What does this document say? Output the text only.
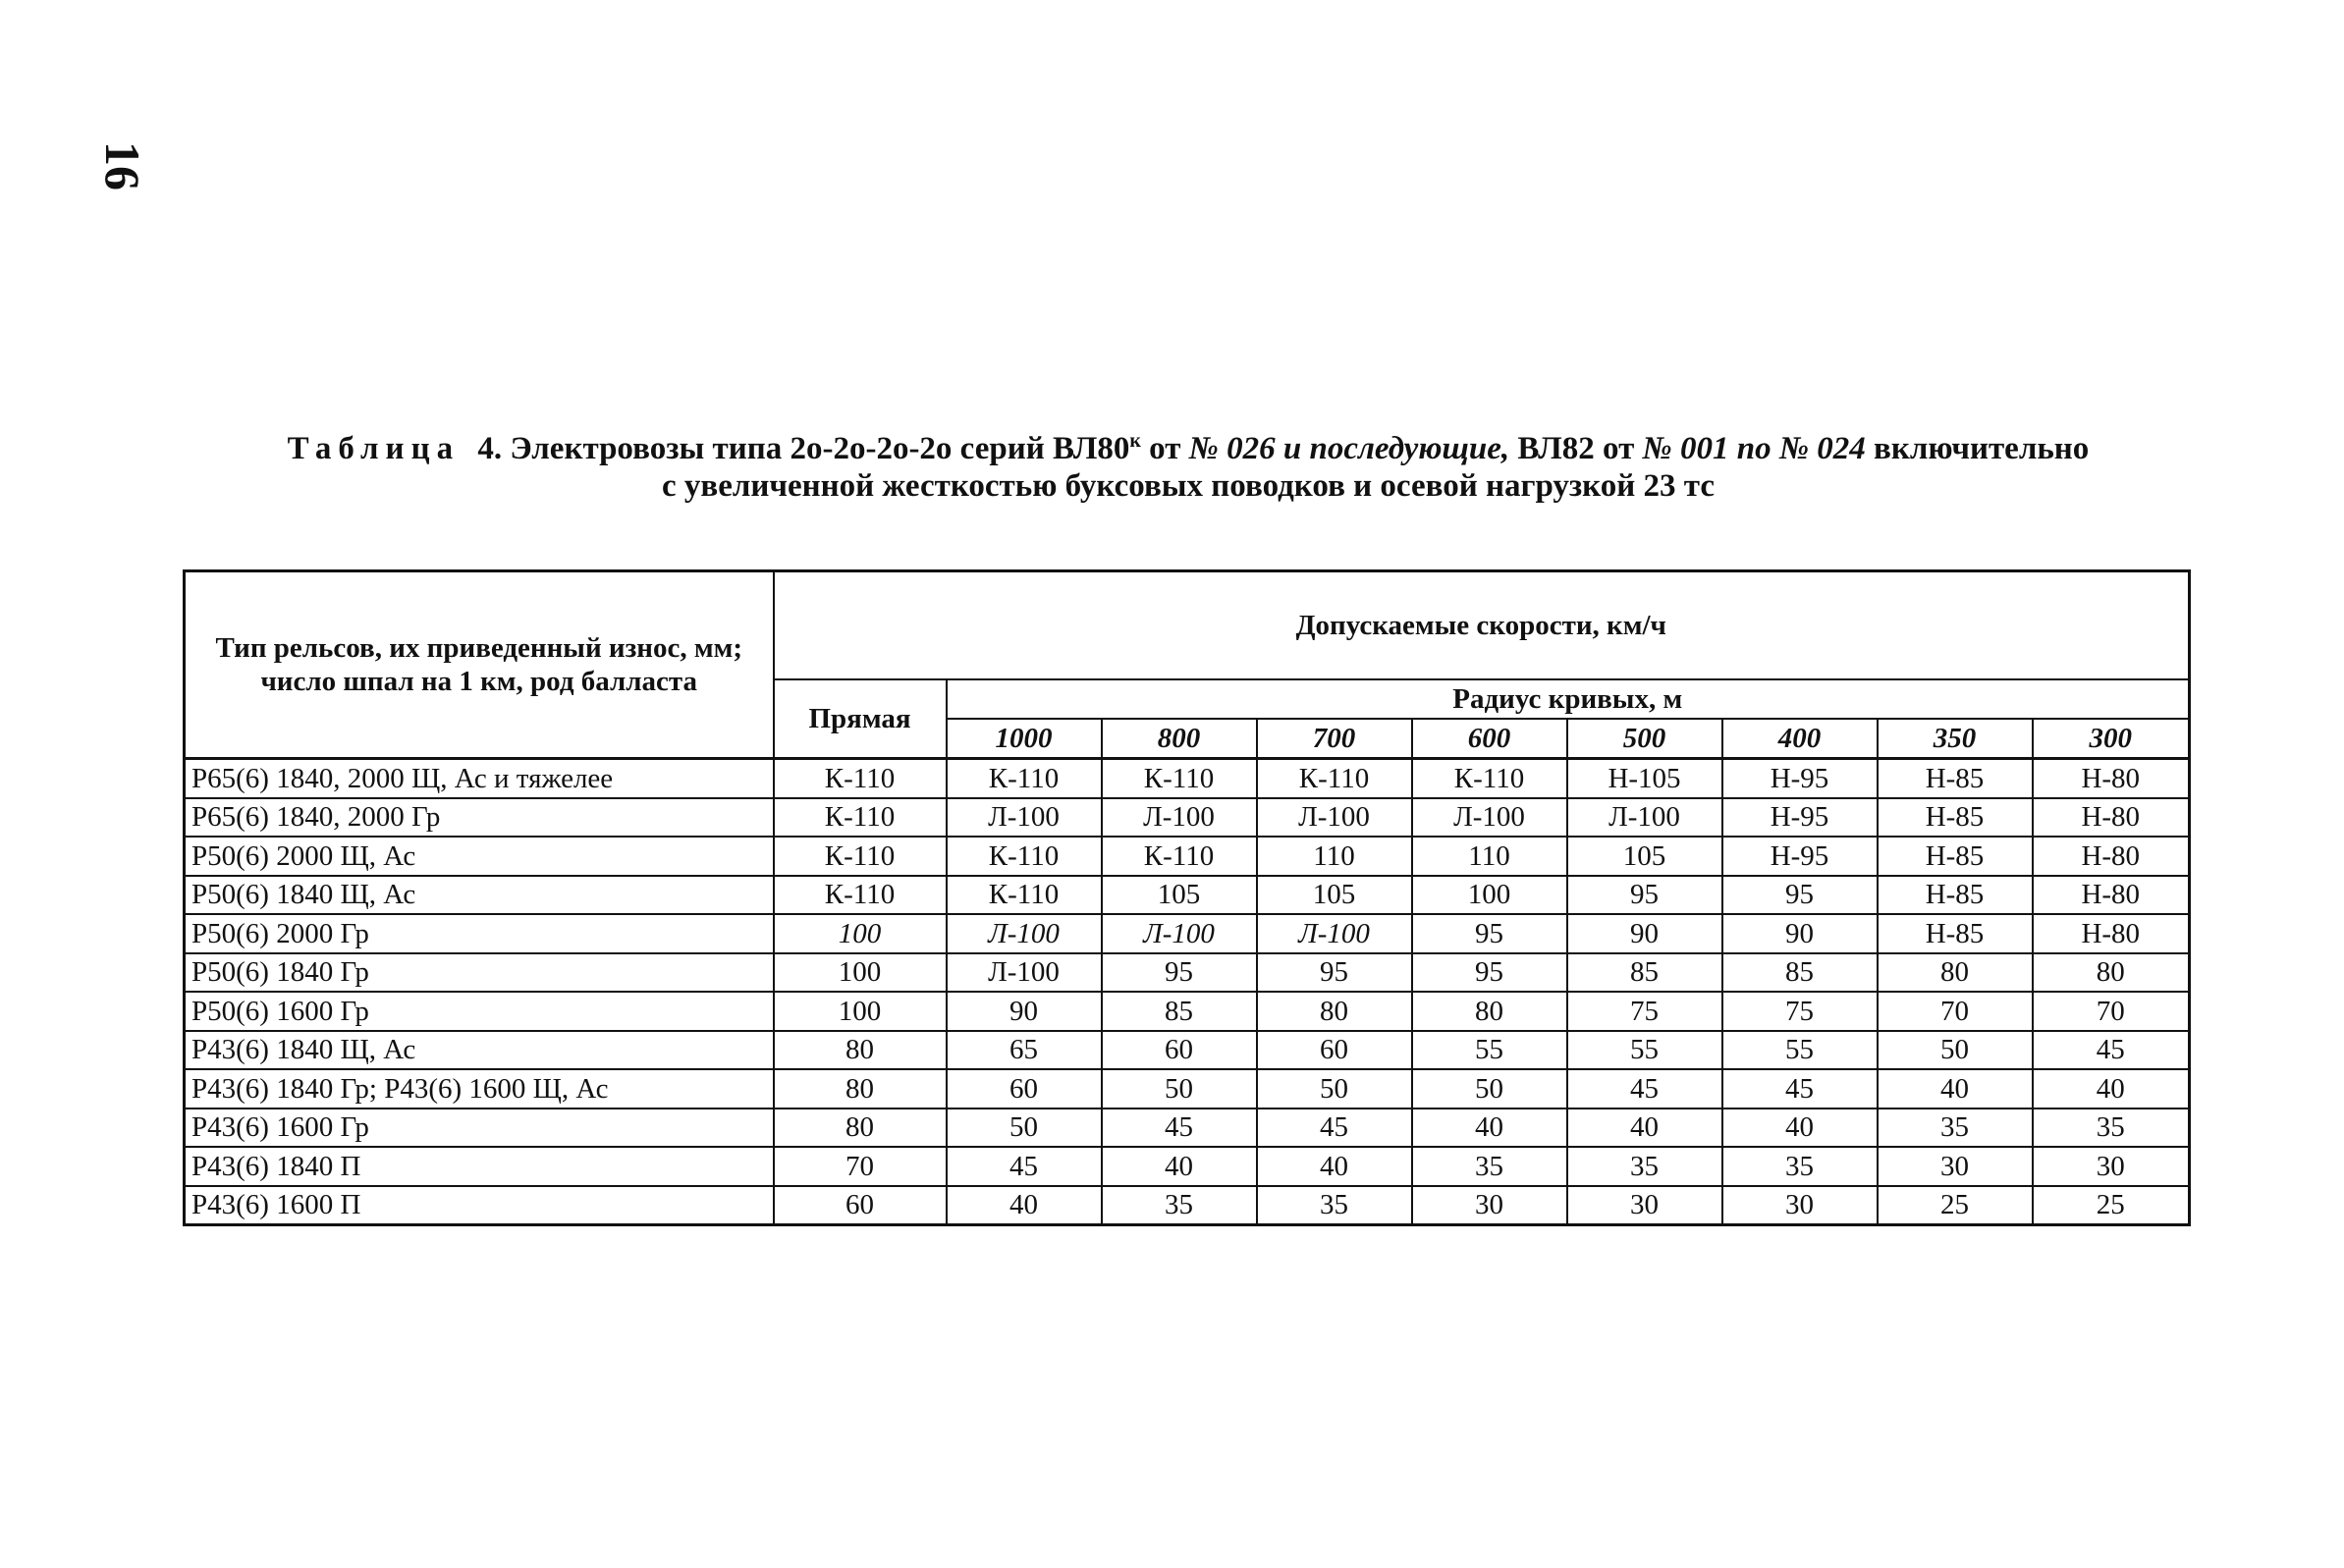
16
Таблица 4. Электровозы типа 2о-2о-2о-2о серий $ВЛ80^к$ от № 026 и последующие, ВЛ82 от № 001 по № 024 включительно
с увеличенной жесткостью буксовых поводков и осевой нагрузкой 23 тс
Тип рельсов, их приведенный износ, мм; число шпал на 1 км, род балласта	Допускаемые скорости, км/ч								
	Прямая	Радиус кривых, м							
		1000	800	700	600	500	400	350	300
Р65(6) 1840, 2000 Щ, Ас и тяжелее	К-110	К-110	К-110	К-110	К-110	Н-105	Н-95	Н-85	Н-80
Р65(6) 1840, 2000 Гр	К-110	Л-100	Л-100	Л-100	Л-100	Л-100	Н-95	Н-85	Н-80
Р50(6) 2000 Щ, Ас	К-110	К-110	К-110	110	110	105	Н-95	Н-85	Н-80
Р50(6) 1840 Щ, Ас	К-110	К-110	105	105	100	95	95	Н-85	Н-80
Р50(6) 2000 Гр	100	Л-100	Л-100	Л-100	95	90	90	Н-85	Н-80
Р50(6) 1840 Гр	100	Л-100	95	95	95	85	85	80	80
Р50(6) 1600 Гр	100	90	85	80	80	75	75	70	70
Р43(6) 1840 Щ, Ас	80	65	60	60	55	55	55	50	45
Р43(6) 1840 Гр; Р43(6) 1600 Щ, Ас	80	60	50	50	50	45	45	40	40
Р43(6) 1600 Гр	80	50	45	45	40	40	40	35	35
Р43(6) 1840 П	70	45	40	40	35	35	35	30	30
Р43(6) 1600 П	60	40	35	35	30	30	30	25	25
